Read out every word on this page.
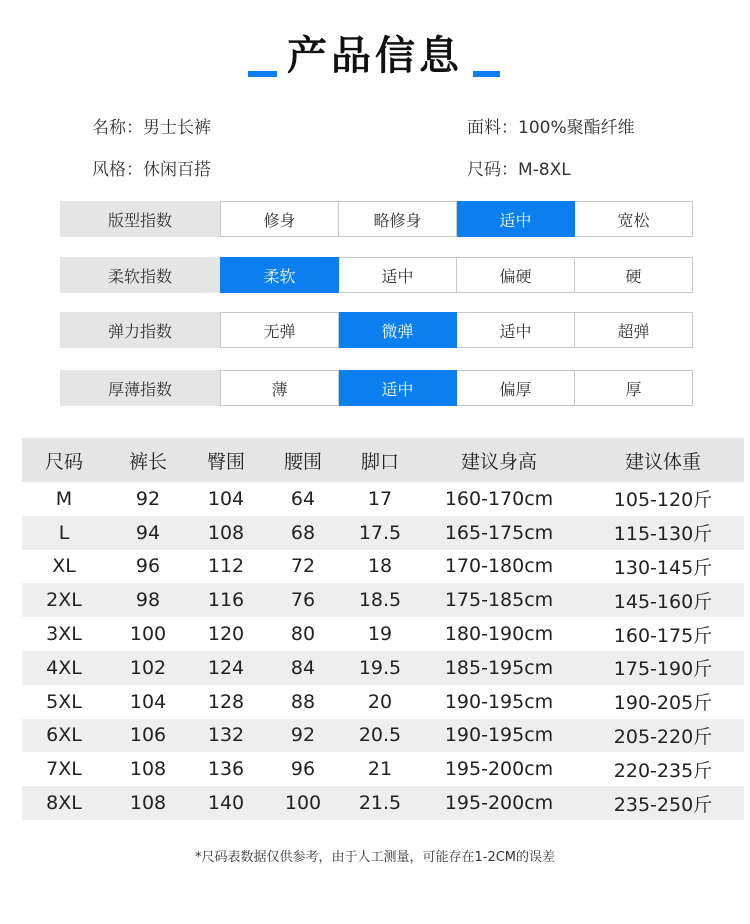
产品信息
名称：男士长裤	面料：100%聚酯纤维
风格：休闲百搭	尺码：M-8XL
版型指数	修身	略修身	适中	宽松
柔软指数	柔软	适中	偏硬	硬
弹力指数	无弹	微弹	适中	超弹
厚薄指数	薄	适中	偏厚	厚
尺码	裤长	臀围	腰围	脚口	建议身高	建议体重
M	92	104	64	17	160-170cm	105-120斤
L	94	108	68	17.5	165-175cm	115-130斤
XL	96	112	72	18	170-180cm	130-145斤
2XL	98	116	76	18.5	175-185cm	145-160斤
3XL	100	120	80	19	180-190cm	160-175斤
4XL	102	124	84	19.5	185-195cm	175-190斤
5XL	104	128	88	20	190-195cm	190-205斤
6XL	106	132	92	20.5	190-195cm	205-220斤
7XL	108	136	96	21	195-200cm	220-235斤
8XL	108	140	100	21.5	195-200cm	235-250斤
*尺码表数据仅供参考，由于人工测量，可能存在1-2CM的误差
